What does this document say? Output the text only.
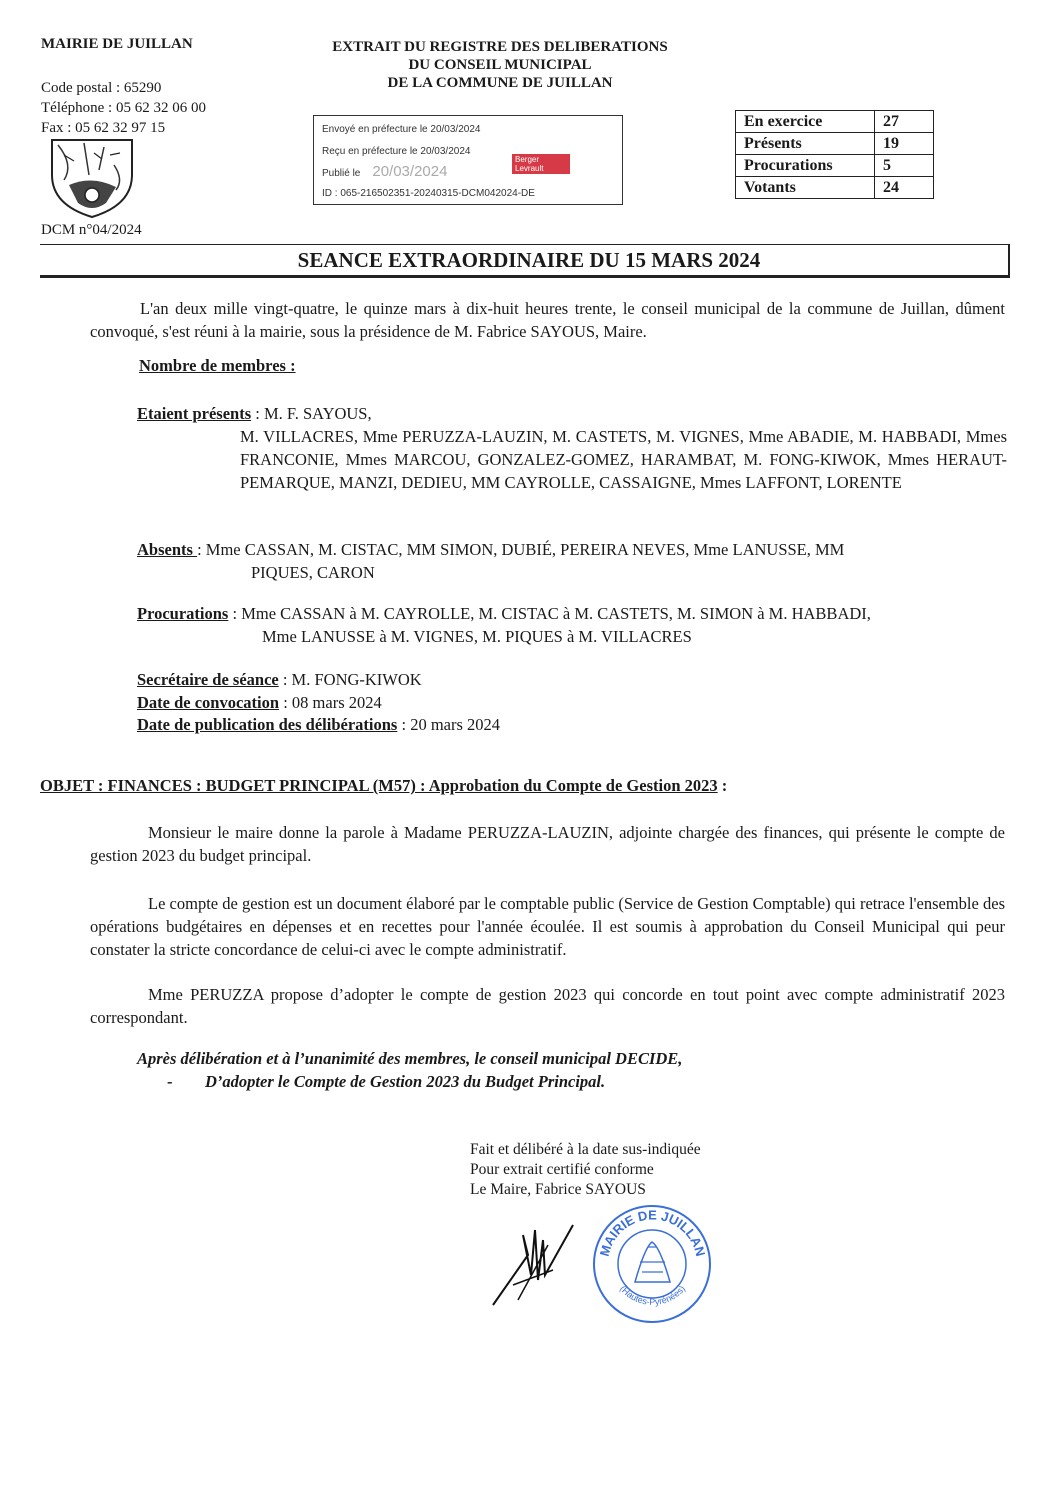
MAIRIE DE JUILLAN
Code postal : 65290
Téléphone : 05 62 32 06 00
Fax : 05 62 32 97 15
DCM n°04/2024
EXTRAIT DU REGISTRE DES DELIBERATIONS
DU CONSEIL MUNICIPAL
DE LA COMMUNE DE JUILLAN
Envoyé en préfecture le 20/03/2024
Reçu en préfecture le 20/03/2024
Publié le 20/03/2024
ID : 065-216502351-20240315-DCM042024-DE
Berger
Levrault
En exercice	27
Présents	19
Procurations	5
Votants	24
SEANCE EXTRAORDINAIRE DU 15 MARS 2024
L'an deux mille vingt-quatre, le quinze mars à dix-huit heures trente, le conseil municipal de la commune de Juillan, dûment convoqué, s'est réuni à la mairie, sous la présidence de M. Fabrice SAYOUS, Maire.
Nombre de membres :
Etaient présents : M. F. SAYOUS,
M. VILLACRES, Mme PERUZZA-LAUZIN, M. CASTETS, M. VIGNES, Mme ABADIE, M. HABBADI, Mmes FRANCONIE, Mmes MARCOU, GONZALEZ-GOMEZ, HARAMBAT, M. FONG-KIWOK, Mmes HERAUT-PEMARQUE, MANZI, DEDIEU, MM CAYROLLE, CASSAIGNE, Mmes LAFFONT, LORENTE
Absents : Mme CASSAN, M. CISTAC, MM SIMON, DUBIÉ, PEREIRA NEVES, Mme LANUSSE, MM
PIQUES, CARON
Procurations : Mme CASSAN à M. CAYROLLE, M. CISTAC à M. CASTETS, M. SIMON à M. HABBADI,
Mme LANUSSE à M. VIGNES, M. PIQUES à M. VILLACRES
Secrétaire de séance : M. FONG-KIWOK
Date de convocation : 08 mars 2024
Date de publication des délibérations : 20 mars 2024
OBJET : FINANCES : BUDGET PRINCIPAL (M57) : Approbation du Compte de Gestion 2023 :
Monsieur le maire donne la parole à Madame PERUZZA-LAUZIN, adjointe chargée des finances, qui présente le compte de gestion 2023 du budget principal.
Le compte de gestion est un document élaboré par le comptable public (Service de Gestion Comptable) qui retrace l'ensemble des opérations budgétaires en dépenses et en recettes pour l'année écoulée. Il est soumis à approbation du Conseil Municipal qui peur constater la stricte concordance de celui-ci avec le compte administratif.
Mme PERUZZA propose d’adopter le compte de gestion 2023 qui concorde en tout point avec compte administratif 2023 correspondant.
Après délibération et à l’unanimité des membres, le conseil municipal DECIDE,
- D’adopter le Compte de Gestion 2023 du Budget Principal.
Fait et délibéré à la date sus-indiquée
Pour extrait certifié conforme
Le Maire, Fabrice SAYOUS
MAIRIE DE JUILLAN
(Hautes-Pyrénées)
